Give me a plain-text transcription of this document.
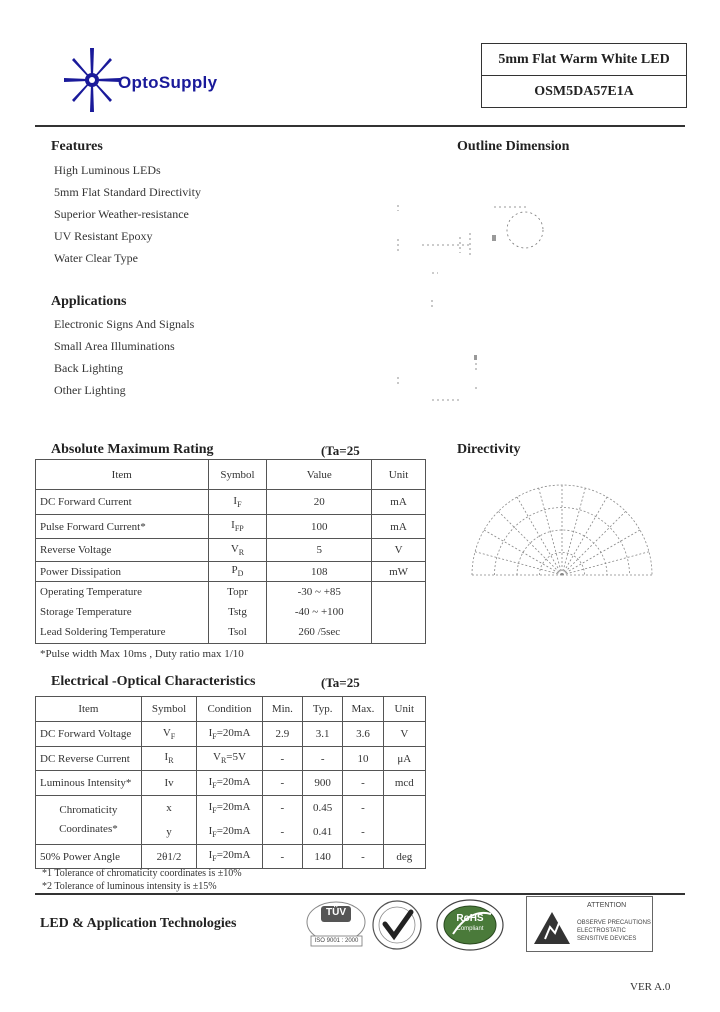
OptoSupply
5mm Flat Warm White LED
OSM5DA57E1A
Features
High Luminous LEDs
5mm Flat Standard Directivity
Superior Weather-resistance
UV Resistant Epoxy
Water Clear Type
Applications
Electronic Signs And Signals
Small Area Illuminations
Back Lighting
Other Lighting
Outline Dimension
Absolute Maximum Rating	(Ta=25
Item	Symbol	Value	Unit
DC Forward Current	$I_F$	20	mA
Pulse Forward Current*	$I_{FP}$	100	mA
Reverse Voltage	$V_R$	5	V
Power Dissipation	$P_D$	108	mW
Operating Temperature	Topr	-30 ~ +85	
Storage Temperature	Tstg	-40 ~ +100	
Lead Soldering Temperature	Tsol	260 /5sec	
*Pulse width Max 10ms , Duty ratio max 1/10
Directivity
Electrical -Optical Characteristics	(Ta=25
Item	Symbol	Condition	Min.	Typ.	Max.	Unit
DC Forward Voltage	$V_F$	$I_F=20mA$	2.9	3.1	3.6	V
DC Reverse Current	$I_R$	$V_R=5V$	-	-	10	μA
Luminous Intensity*	Iv	$I_F=20mA$	-	900	-	mcd

Chromaticity
Coordinates*	x	$I_F=20mA$	-	0.45	-	
	y	$I_F=20mA$	-	0.41	-	
50% Power Angle	2θ1/2	$I_F=20mA$	-	140	-	deg
*1 Tolerance of chromaticity coordinates is ±10%
*2 Tolerance of luminous intensity is ±15%
LED & Application Technologies
TÜV
ISO 9001 : 2000
RoHS
Compliant
ATTENTION
OBSERVE PRECAUTIONS
ELECTROSTATIC
SENSITIVE DEVICES
VER A.0
